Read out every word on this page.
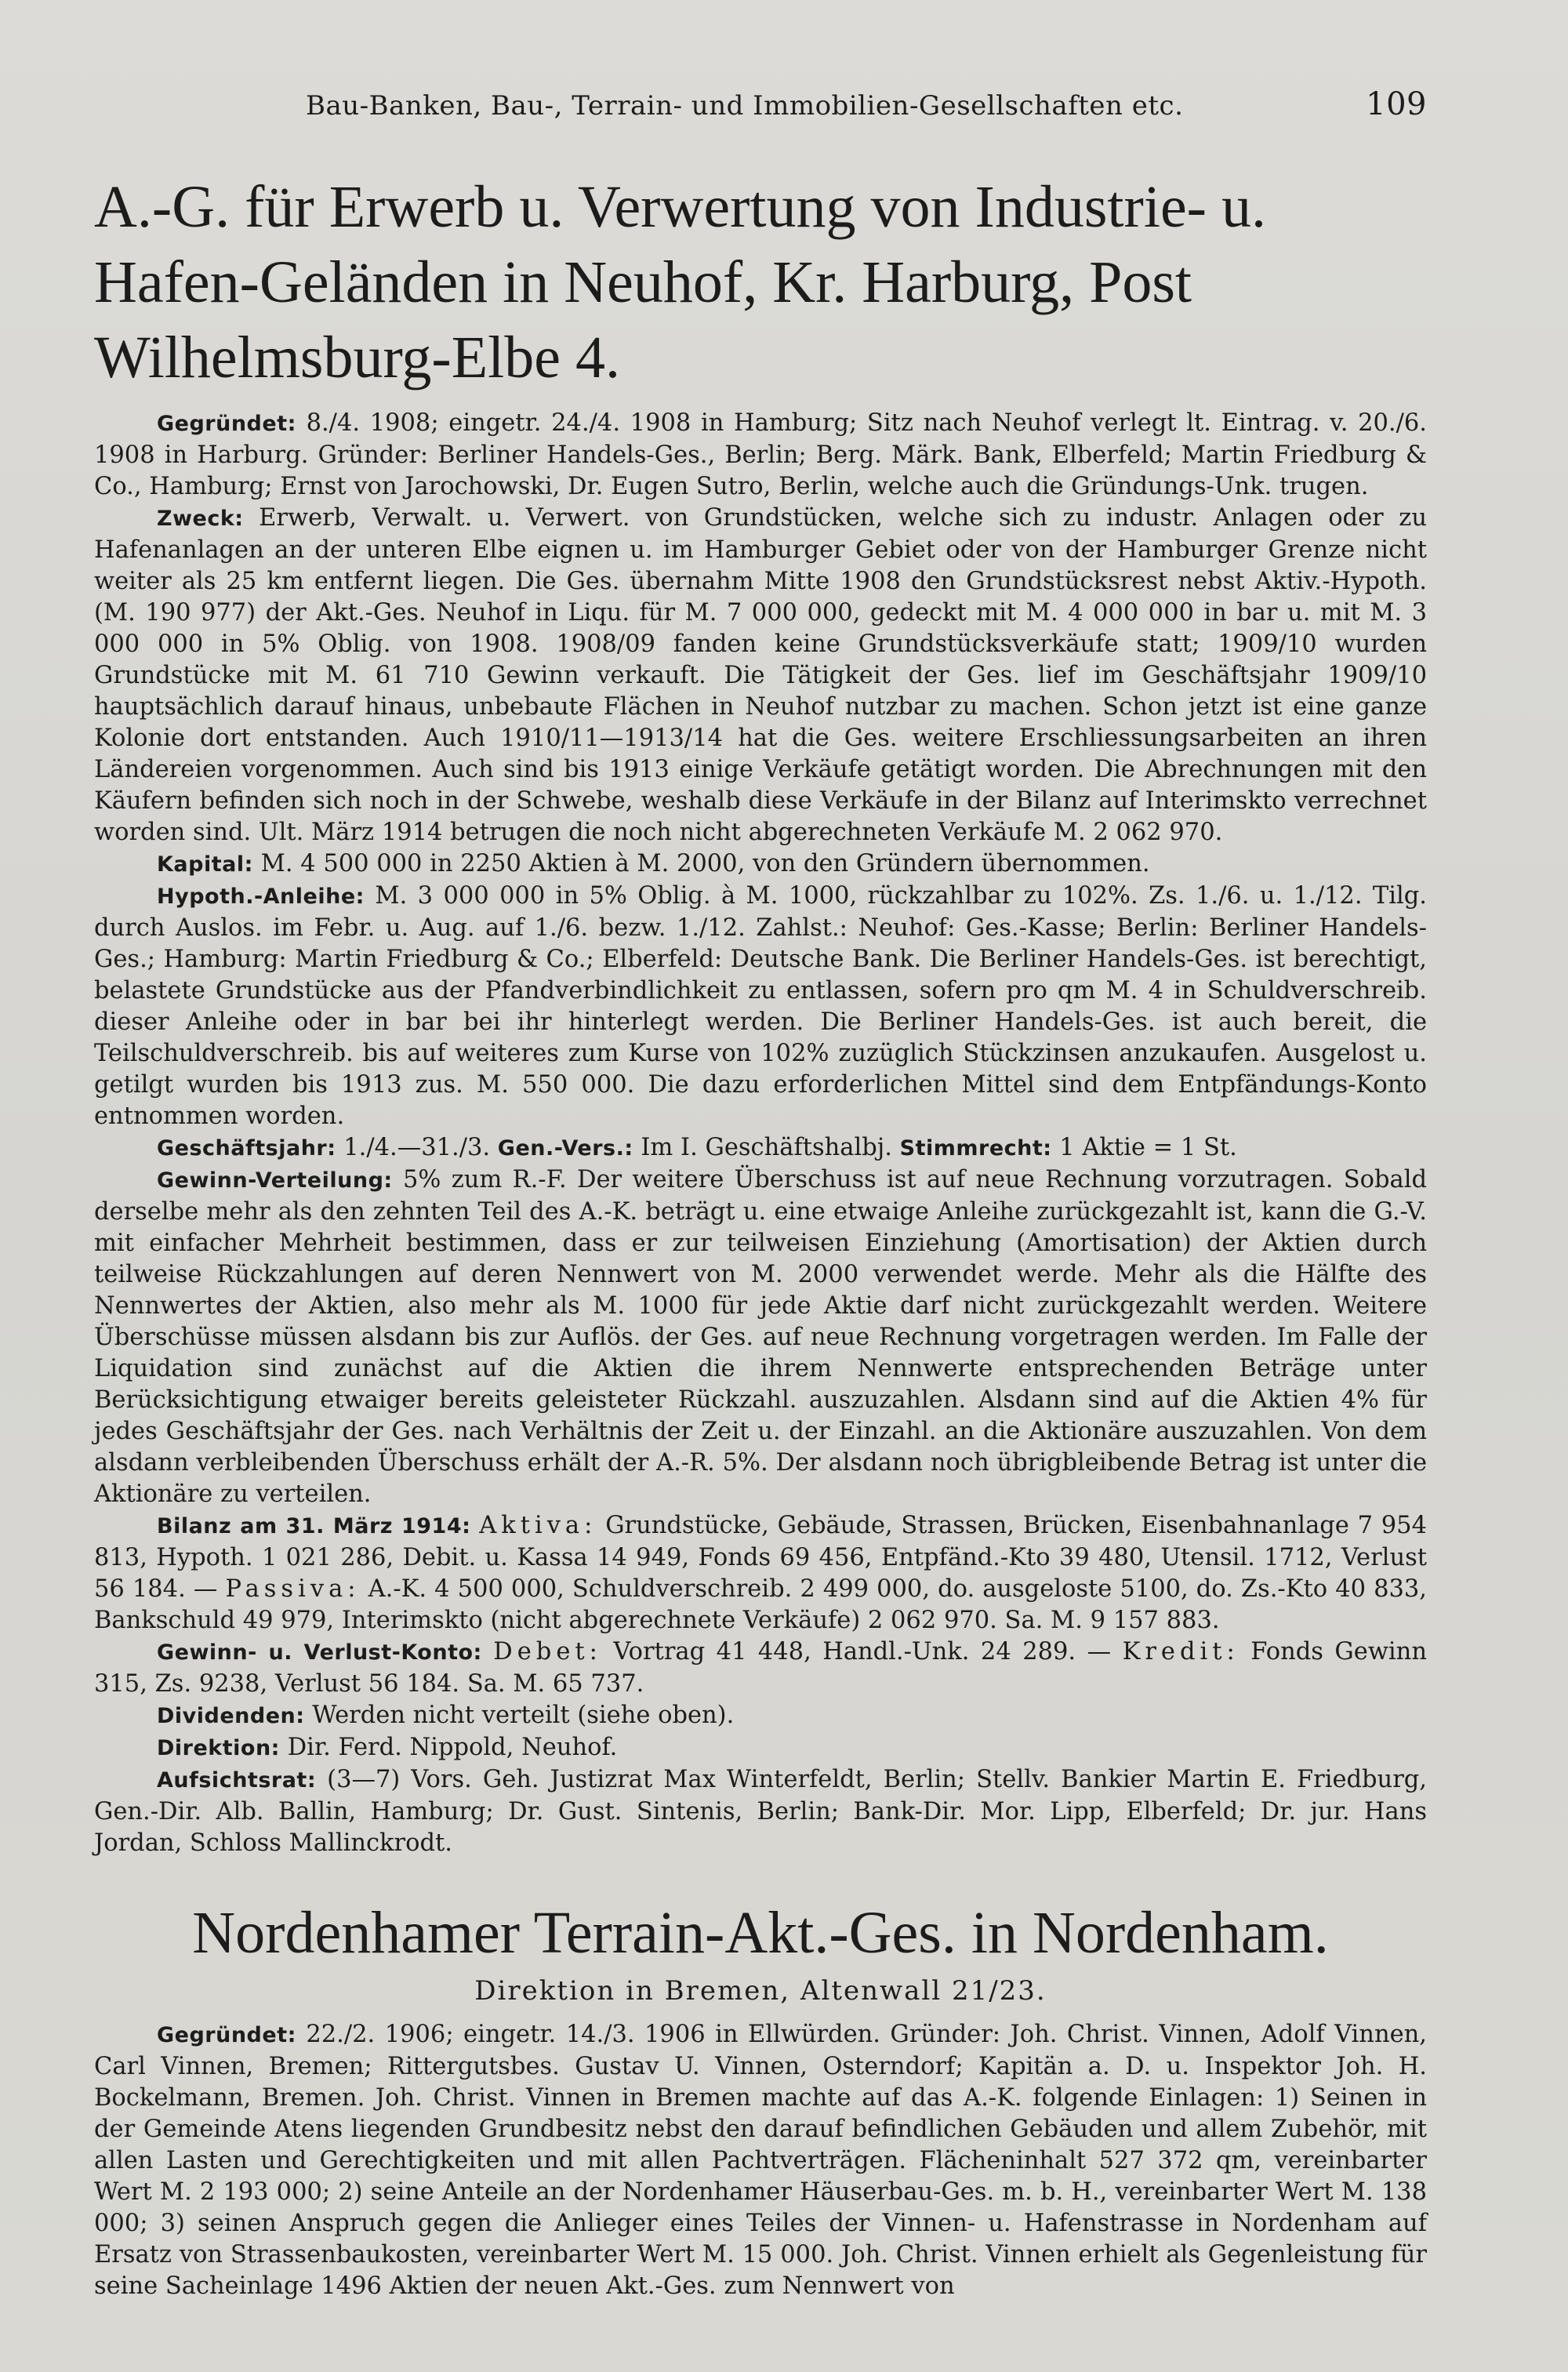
Bau-Banken, Bau-, Terrain- und Immobilien-Gesellschaften etc.	109
A.-G. für Erwerb u. Verwertung von Industrie- u. Hafen-Geländen in Neuhof, Kr. Harburg, Post Wilhelmsburg-Elbe 4.

Gegründet: 8./4. 1908; eingetr. 24./4. 1908 in Hamburg; Sitz nach Neuhof verlegt lt. Eintrag. v. 20./6. 1908 in Harburg. Gründer: Berliner Handels-Ges., Berlin; Berg. Märk. Bank, Elberfeld; Martin Friedburg & Co., Hamburg; Ernst von Jarochowski, Dr. Eugen Sutro, Berlin, welche auch die Gründungs-Unk. trugen.

Zweck: Erwerb, Verwalt. u. Verwert. von Grundstücken, welche sich zu industr. Anlagen oder zu Hafenanlagen an der unteren Elbe eignen u. im Hamburger Gebiet oder von der Hamburger Grenze nicht weiter als 25 km entfernt liegen. Die Ges. übernahm Mitte 1908 den Grundstücksrest nebst Aktiv.-Hypoth. (M. 190 977) der Akt.-Ges. Neuhof in Liqu. für M. 7 000 000, gedeckt mit M. 4 000 000 in bar u. mit M. 3 000 000 in 5% Oblig. von 1908. 1908/09 fanden keine Grundstücksverkäufe statt; 1909/10 wurden Grundstücke mit M. 61 710 Gewinn verkauft. Die Tätigkeit der Ges. lief im Geschäftsjahr 1909/10 hauptsächlich darauf hinaus, unbebaute Flächen in Neuhof nutzbar zu machen. Schon jetzt ist eine ganze Kolonie dort entstanden. Auch 1910/11—1913/14 hat die Ges. weitere Erschliessungsarbeiten an ihren Ländereien vorgenommen. Auch sind bis 1913 einige Verkäufe getätigt worden. Die Abrechnungen mit den Käufern befinden sich noch in der Schwebe, weshalb diese Verkäufe in der Bilanz auf Interimskto verrechnet worden sind. Ult. März 1914 betrugen die noch nicht abgerechneten Verkäufe M. 2 062 970.

Kapital: M. 4 500 000 in 2250 Aktien à M. 2000, von den Gründern übernommen.

Hypoth.-Anleihe: M. 3 000 000 in 5% Oblig. à M. 1000, rückzahlbar zu 102%. Zs. 1./6. u. 1./12. Tilg. durch Auslos. im Febr. u. Aug. auf 1./6. bezw. 1./12. Zahlst.: Neuhof: Ges.-Kasse; Berlin: Berliner Handels-Ges.; Hamburg: Martin Friedburg & Co.; Elberfeld: Deutsche Bank. Die Berliner Handels-Ges. ist berechtigt, belastete Grundstücke aus der Pfandverbindlichkeit zu entlassen, sofern pro qm M. 4 in Schuldverschreib. dieser Anleihe oder in bar bei ihr hinterlegt werden. Die Berliner Handels-Ges. ist auch bereit, die Teilschuldverschreib. bis auf weiteres zum Kurse von 102% zuzüglich Stückzinsen anzukaufen. Ausgelost u. getilgt wurden bis 1913 zus. M. 550 000. Die dazu erforderlichen Mittel sind dem Entpfändungs-Konto entnommen worden.

Geschäftsjahr: 1./4.—31./3. Gen.-Vers.: Im I. Geschäftshalbj. Stimmrecht: 1 Aktie = 1 St.

Gewinn-Verteilung: 5% zum R.-F. Der weitere Überschuss ist auf neue Rechnung vorzutragen. Sobald derselbe mehr als den zehnten Teil des A.-K. beträgt u. eine etwaige Anleihe zurückgezahlt ist, kann die G.-V. mit einfacher Mehrheit bestimmen, dass er zur teilweisen Einziehung (Amortisation) der Aktien durch teilweise Rückzahlungen auf deren Nennwert von M. 2000 verwendet werde. Mehr als die Hälfte des Nennwertes der Aktien, also mehr als M. 1000 für jede Aktie darf nicht zurückgezahlt werden. Weitere Überschüsse müssen alsdann bis zur Auflös. der Ges. auf neue Rechnung vorgetragen werden. Im Falle der Liquidation sind zunächst auf die Aktien die ihrem Nennwerte entsprechenden Beträge unter Berücksichtigung etwaiger bereits geleisteter Rückzahl. auszuzahlen. Alsdann sind auf die Aktien 4% für jedes Geschäftsjahr der Ges. nach Verhältnis der Zeit u. der Einzahl. an die Aktionäre auszuzahlen. Von dem alsdann verbleibenden Überschuss erhält der A.-R. 5%. Der alsdann noch übrigbleibende Betrag ist unter die Aktionäre zu verteilen.

Bilanz am 31. März 1914: Aktiva: Grundstücke, Gebäude, Strassen, Brücken, Eisenbahnanlage 7 954 813, Hypoth. 1 021 286, Debit. u. Kassa 14 949, Fonds 69 456, Entpfänd.-Kto 39 480, Utensil. 1712, Verlust 56 184. — Passiva: A.-K. 4 500 000, Schuldverschreib. 2 499 000, do. ausgeloste 5100, do. Zs.-Kto 40 833, Bankschuld 49 979, Interimskto (nicht abgerechnete Verkäufe) 2 062 970. Sa. M. 9 157 883.

Gewinn- u. Verlust-Konto: Debet: Vortrag 41 448, Handl.-Unk. 24 289. — Kredit: Fonds Gewinn 315, Zs. 9238, Verlust 56 184. Sa. M. 65 737.

Dividenden: Werden nicht verteilt (siehe oben).

Direktion: Dir. Ferd. Nippold, Neuhof.

Aufsichtsrat: (3—7) Vors. Geh. Justizrat Max Winterfeldt, Berlin; Stellv. Bankier Martin E. Friedburg, Gen.-Dir. Alb. Ballin, Hamburg; Dr. Gust. Sintenis, Berlin; Bank-Dir. Mor. Lipp, Elberfeld; Dr. jur. Hans Jordan, Schloss Mallinckrodt.

Nordenhamer Terrain-Akt.-Ges. in Nordenham.
Direktion in Bremen, Altenwall 21/23.

Gegründet: 22./2. 1906; eingetr. 14./3. 1906 in Ellwürden. Gründer: Joh. Christ. Vinnen, Adolf Vinnen, Carl Vinnen, Bremen; Rittergutsbes. Gustav U. Vinnen, Osterndorf; Kapitän a. D. u. Inspektor Joh. H. Bockelmann, Bremen. Joh. Christ. Vinnen in Bremen machte auf das A.-K. folgende Einlagen: 1) Seinen in der Gemeinde Atens liegenden Grundbesitz nebst den darauf befindlichen Gebäuden und allem Zubehör, mit allen Lasten und Gerechtigkeiten und mit allen Pachtverträgen. Flächeninhalt 527 372 qm, vereinbarter Wert M. 2 193 000; 2) seine Anteile an der Nordenhamer Häuserbau-Ges. m. b. H., vereinbarter Wert M. 138 000; 3) seinen Anspruch gegen die Anlieger eines Teiles der Vinnen- u. Hafenstrasse in Nordenham auf Ersatz von Strassenbaukosten, vereinbarter Wert M. 15 000. Joh. Christ. Vinnen erhielt als Gegenleistung für seine Sacheinlage 1496 Aktien der neuen Akt.-Ges. zum Nennwert von
